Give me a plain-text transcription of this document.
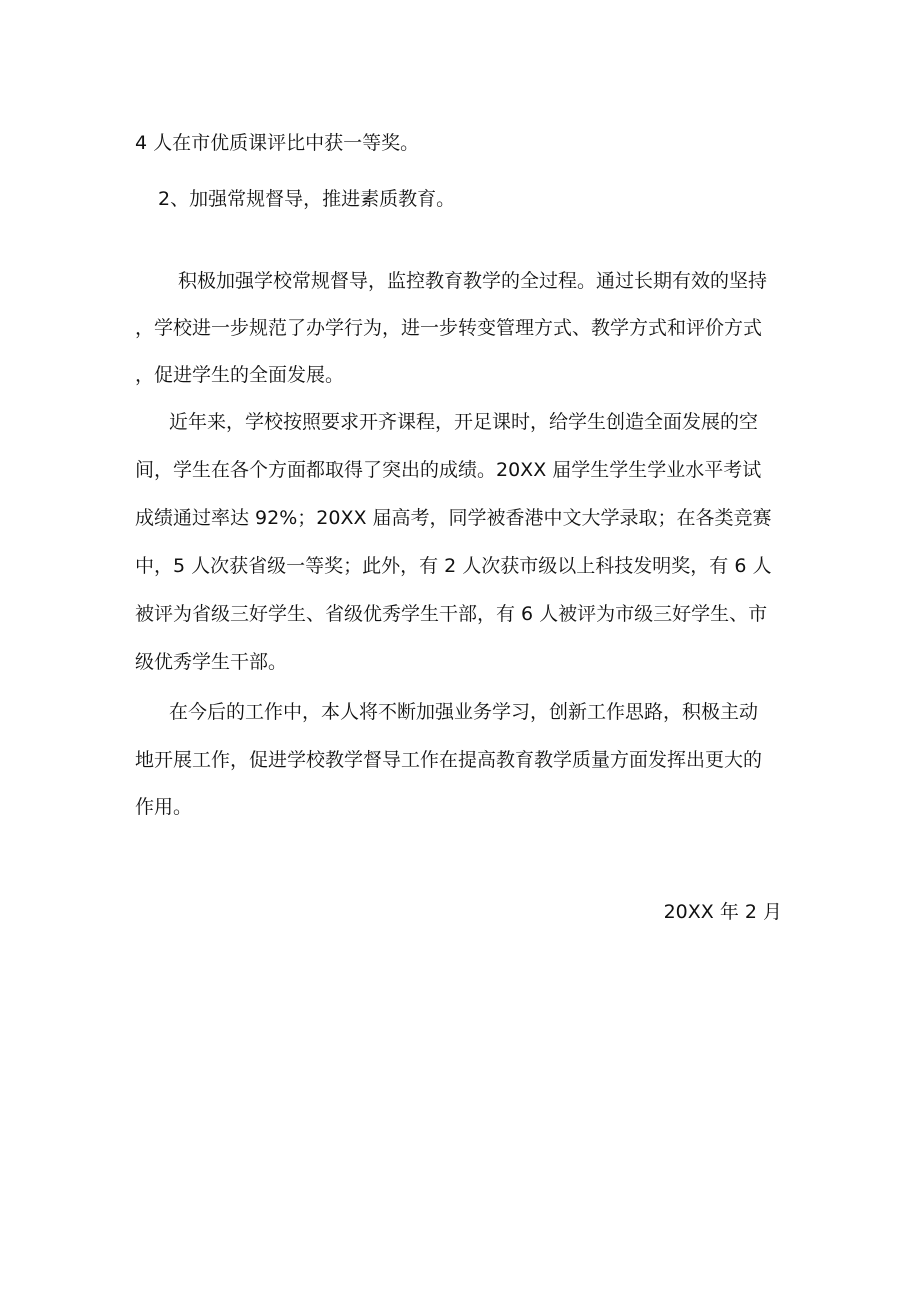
4 人在市优质课评比中获一等奖。
2、加强常规督导，推进素质教育。
积极加强学校常规督导，监控教育教学的全过程。通过长期有效的坚持
，学校进一步规范了办学行为，进一步转变管理方式、教学方式和评价方式
，促进学生的全面发展。
近年来，学校按照要求开齐课程，开足课时，给学生创造全面发展的空
间，学生在各个方面都取得了突出的成绩。20XX 届学生学生学业水平考试
成绩通过率达 92%；20XX 届高考，同学被香港中文大学录取；在各类竞赛
中，5 人次获省级一等奖；此外，有 2 人次获市级以上科技发明奖，有 6 人
被评为省级三好学生、省级优秀学生干部，有 6 人被评为市级三好学生、市
级优秀学生干部。
在今后的工作中，本人将不断加强业务学习，创新工作思路，积极主动
地开展工作，促进学校教学督导工作在提高教育教学质量方面发挥出更大的
作用。
20XX 年 2 月
